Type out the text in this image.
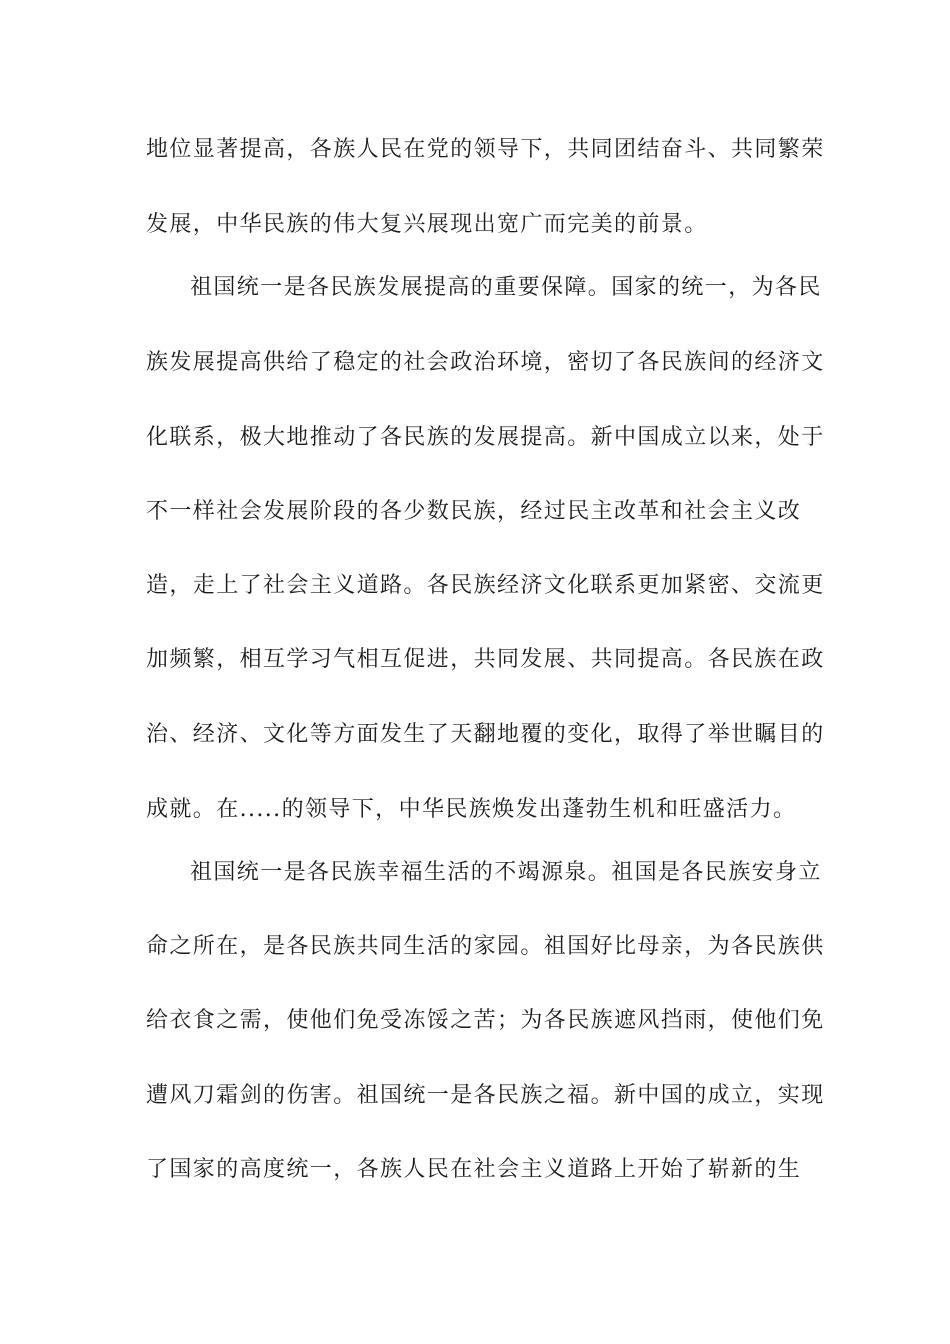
地位显著提高，各族人民在党的领导下，共同团结奋斗、共同繁荣
发展，中华民族的伟大复兴展现出宽广而完美的前景。
祖国统一是各民族发展提高的重要保障。国家的统一，为各民
族发展提高供给了稳定的社会政治环境，密切了各民族间的经济文
化联系，极大地推动了各民族的发展提高。新中国成立以来，处于
不一样社会发展阶段的各少数民族，经过民主改革和社会主义改
造，走上了社会主义道路。各民族经济文化联系更加紧密、交流更
加频繁，相互学习气相互促进，共同发展、共同提高。各民族在政
治、经济、文化等方面发生了天翻地覆的变化，取得了举世瞩目的
成就。在.....的领导下，中华民族焕发出蓬勃生机和旺盛活力。
祖国统一是各民族幸福生活的不竭源泉。祖国是各民族安身立
命之所在，是各民族共同生活的家园。祖国好比母亲，为各民族供
给衣食之需，使他们免受冻馁之苦；为各民族遮风挡雨，使他们免
遭风刀霜剑的伤害。祖国统一是各民族之福。新中国的成立，实现
了国家的高度统一，各族人民在社会主义道路上开始了崭新的生
